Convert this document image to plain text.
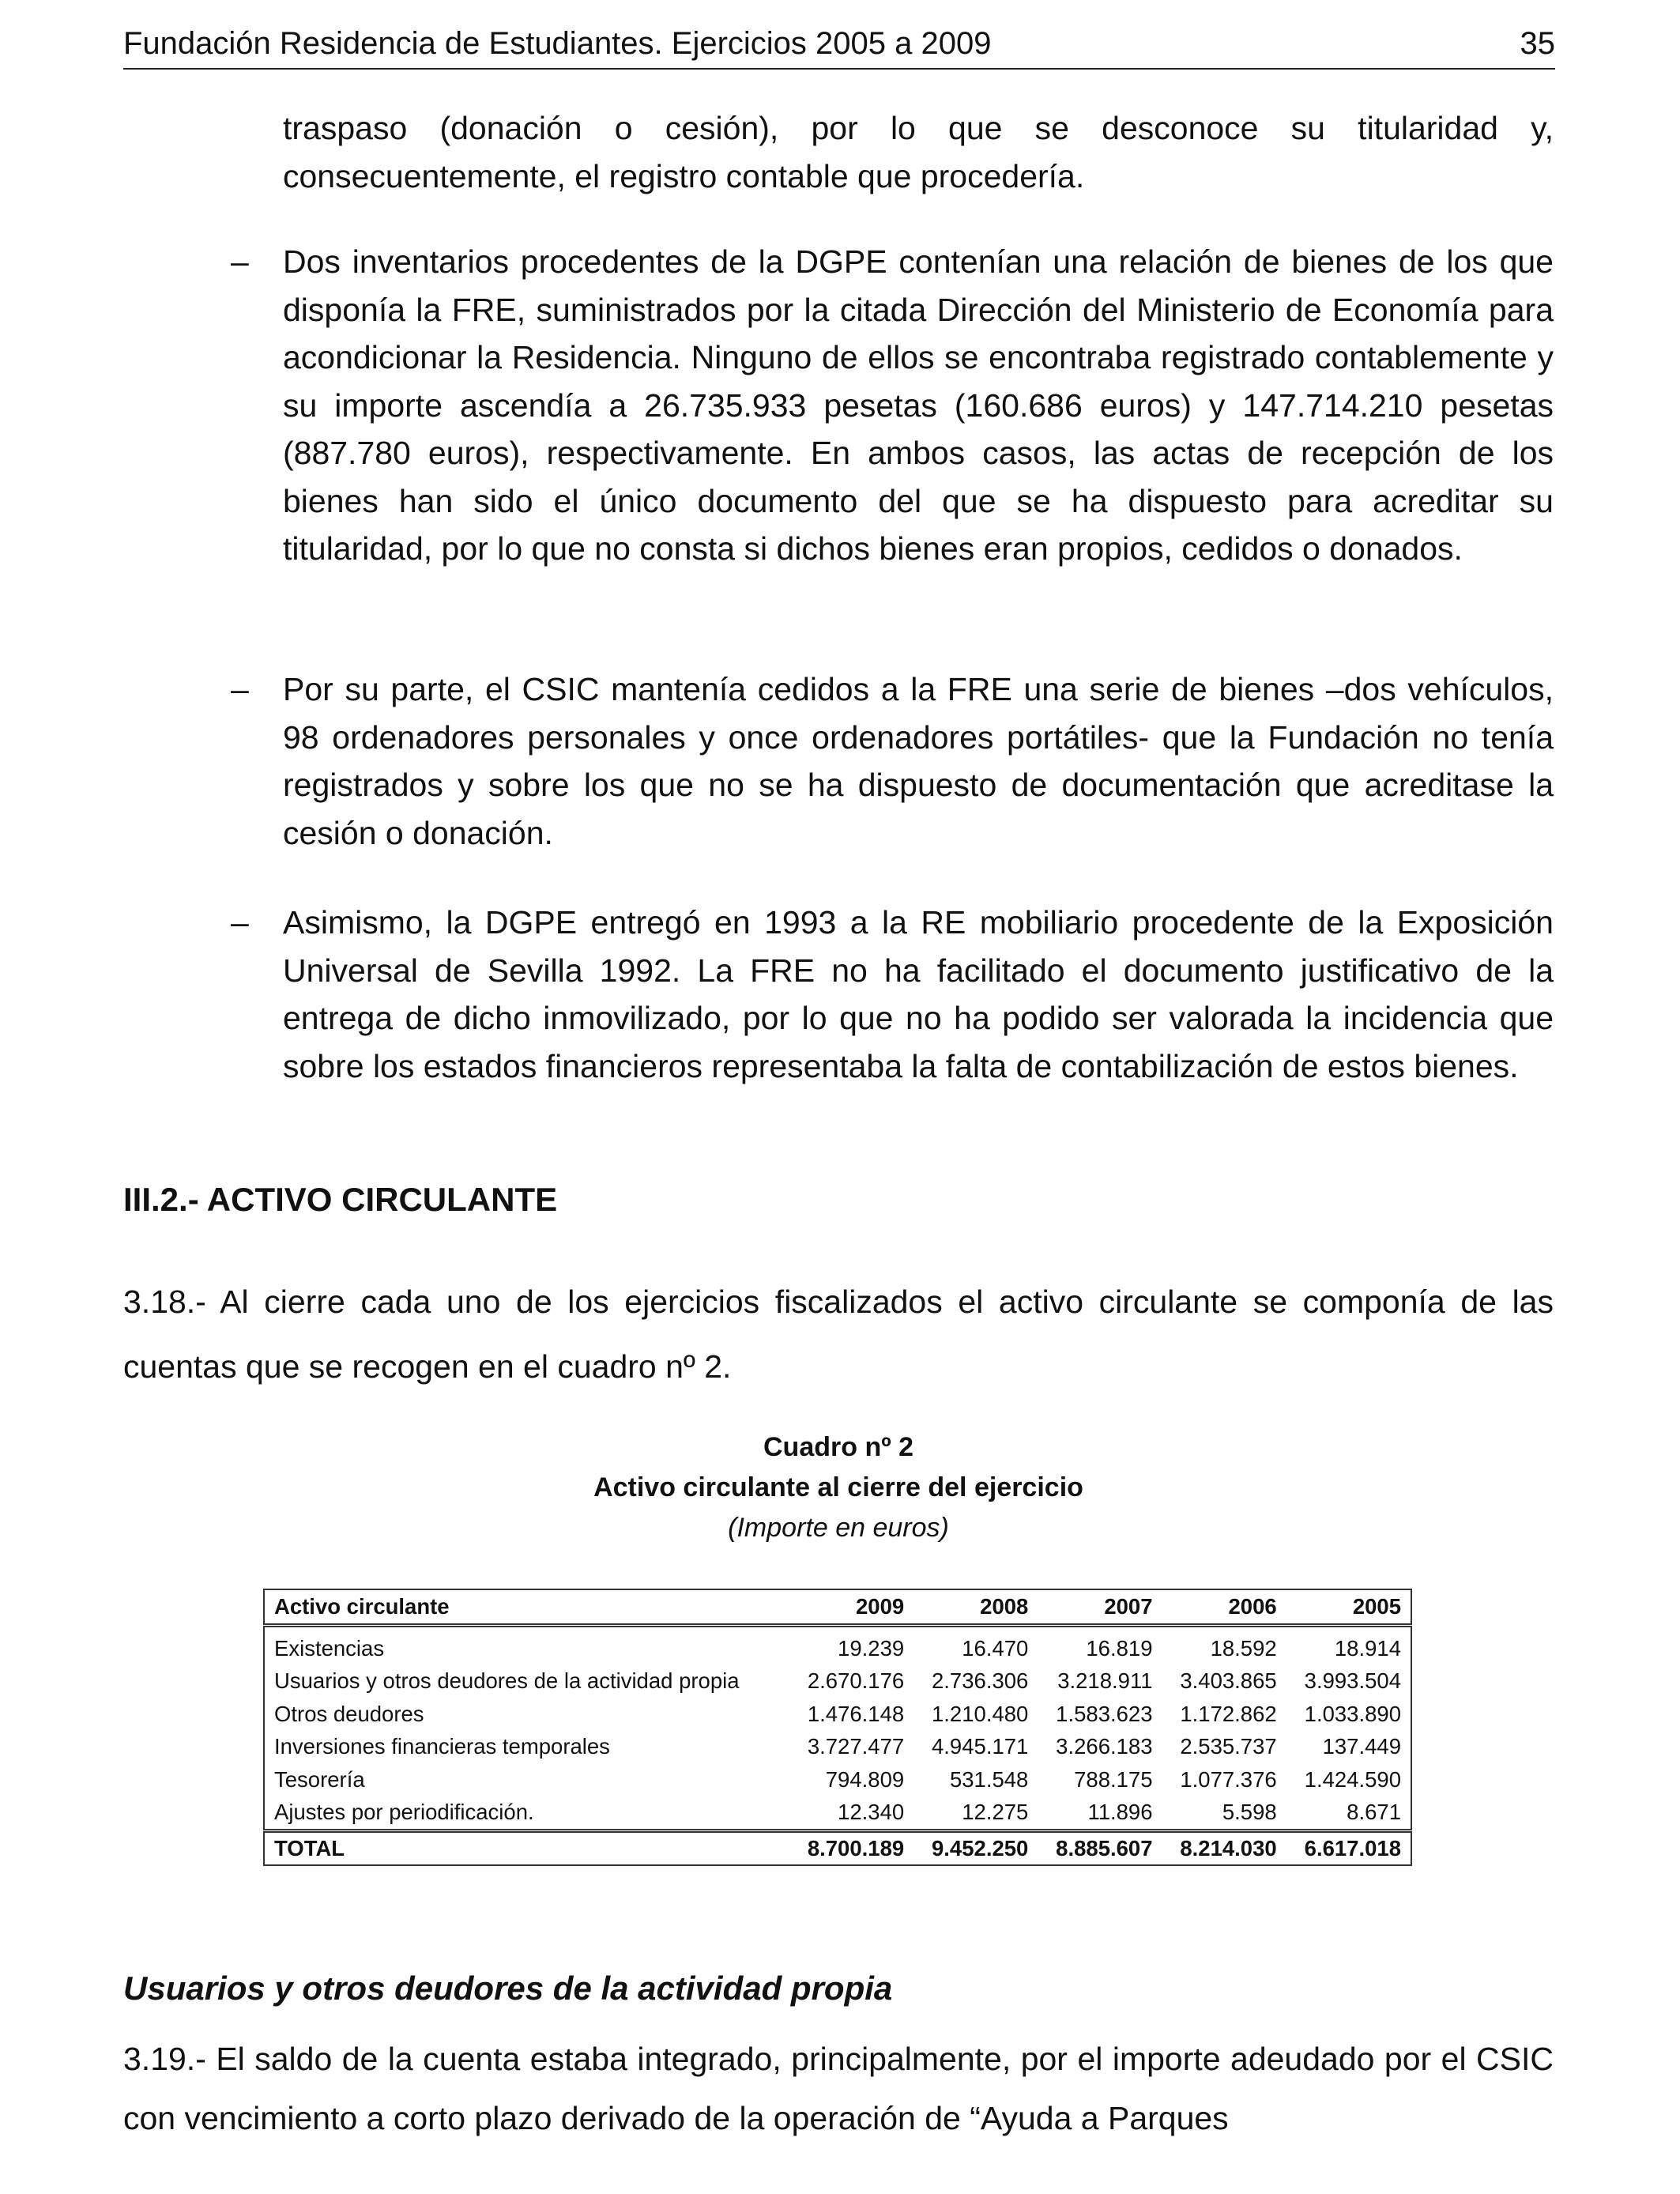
Fundación Residencia de Estudiantes. Ejercicios 2005 a 2009	35

traspaso (donación o cesión), por lo que se desconoce su titularidad y, consecuentemente, el registro contable que procedería.

– Dos inventarios procedentes de la DGPE contenían una relación de bienes de los que disponía la FRE, suministrados por la citada Dirección del Ministerio de Economía para acondicionar la Residencia. Ninguno de ellos se encontraba registrado contablemente y su importe ascendía a 26.735.933 pesetas (160.686 euros) y 147.714.210 pesetas (887.780 euros), respectivamente. En ambos casos, las actas de recepción de los bienes han sido el único documento del que se ha dispuesto para acreditar su titularidad, por lo que no consta si dichos bienes eran propios, cedidos o donados.

– Por su parte, el CSIC mantenía cedidos a la FRE una serie de bienes –dos vehículos, 98 ordenadores personales y once ordenadores portátiles- que la Fundación no tenía registrados y sobre los que no se ha dispuesto de documentación que acreditase la cesión o donación.

– Asimismo, la DGPE entregó en 1993 a la RE mobiliario procedente de la Exposición Universal de Sevilla 1992. La FRE no ha facilitado el documento justificativo de la entrega de dicho inmovilizado, por lo que no ha podido ser valorada la incidencia que sobre los estados financieros representaba la falta de contabilización de estos bienes.

III.2.- ACTIVO CIRCULANTE

3.18.- Al cierre cada uno de los ejercicios fiscalizados el activo circulante se componía de las cuentas que se recogen en el cuadro nº 2.

Cuadro nº 2
Activo circulante al cierre del ejercicio
(Importe en euros)
Activo circulante	2009	2008	2007	2006	2005
Existencias	19.239	16.470	16.819	18.592	18.914
Usuarios y otros deudores de la actividad propia	2.670.176	2.736.306	3.218.911	3.403.865	3.993.504
Otros deudores	1.476.148	1.210.480	1.583.623	1.172.862	1.033.890
Inversiones financieras temporales	3.727.477	4.945.171	3.266.183	2.535.737	137.449
Tesorería	794.809	531.548	788.175	1.077.376	1.424.590
Ajustes por periodificación.	12.340	12.275	11.896	5.598	8.671
TOTAL	8.700.189	9.452.250	8.885.607	8.214.030	6.617.018
Usuarios y otros deudores de la actividad propia

3.19.- El saldo de la cuenta estaba integrado, principalmente, por el importe adeudado por el CSIC con vencimiento a corto plazo derivado de la operación de “Ayuda a Parques
